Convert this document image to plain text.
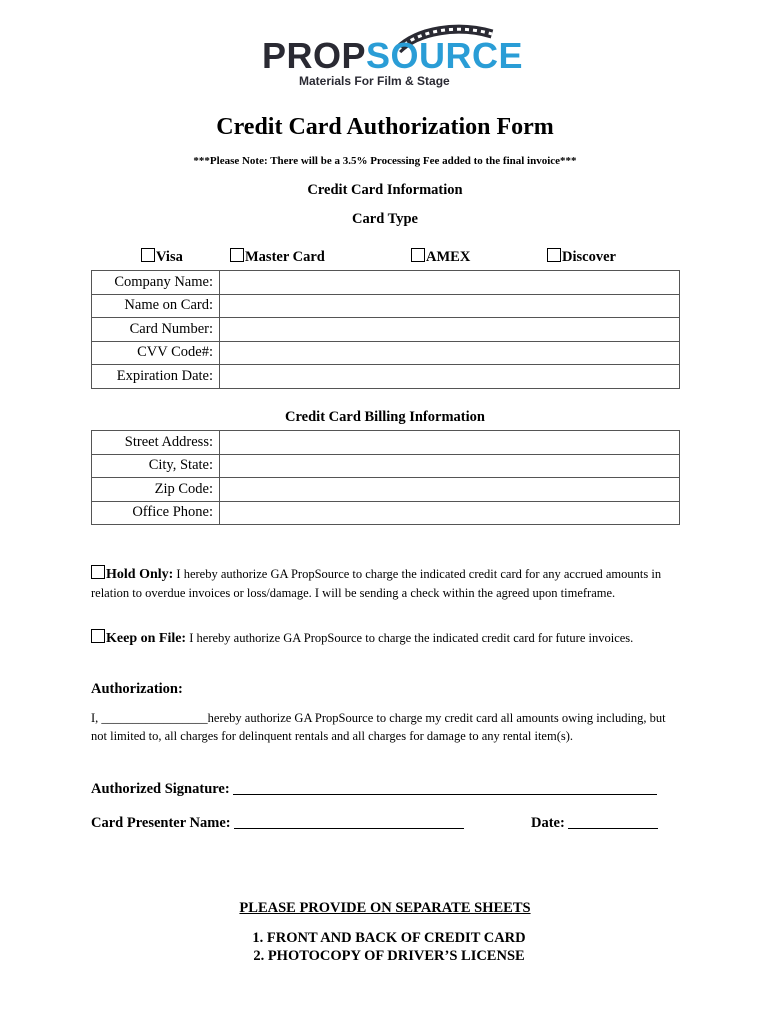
PROPSOURCE
Materials For Film & Stage
Credit Card Authorization Form
***Please Note: There will be a 3.5% Processing Fee added to the final invoice***
Credit Card Information
Card Type
Visa	Master Card	AMEX	Discover
Company Name:	
Name on Card:	
Card Number:	
CVV Code#:	
Expiration Date:	
Credit Card Billing Information
Street Address:	
City, State:	
Zip Code:	
Office Phone:	
Hold Only: I hereby authorize GA PropSource to charge the indicated credit card for any accrued amounts in relation to overdue invoices or loss/damage. I will be sending a check within the agreed upon timeframe.
Keep on File: I hereby authorize GA PropSource to charge the indicated credit card for future invoices.
Authorization:
I, _________________hereby authorize GA PropSource to charge my credit card all amounts owing including, but not limited to, all charges for delinquent rentals and all charges for damage to any rental item(s).
Authorized Signature:
Card Presenter Name:	Date:
PLEASE PROVIDE ON SEPARATE SHEETS
1. FRONT AND BACK OF CREDIT CARD
2. PHOTOCOPY OF DRIVER’S LICENSE
